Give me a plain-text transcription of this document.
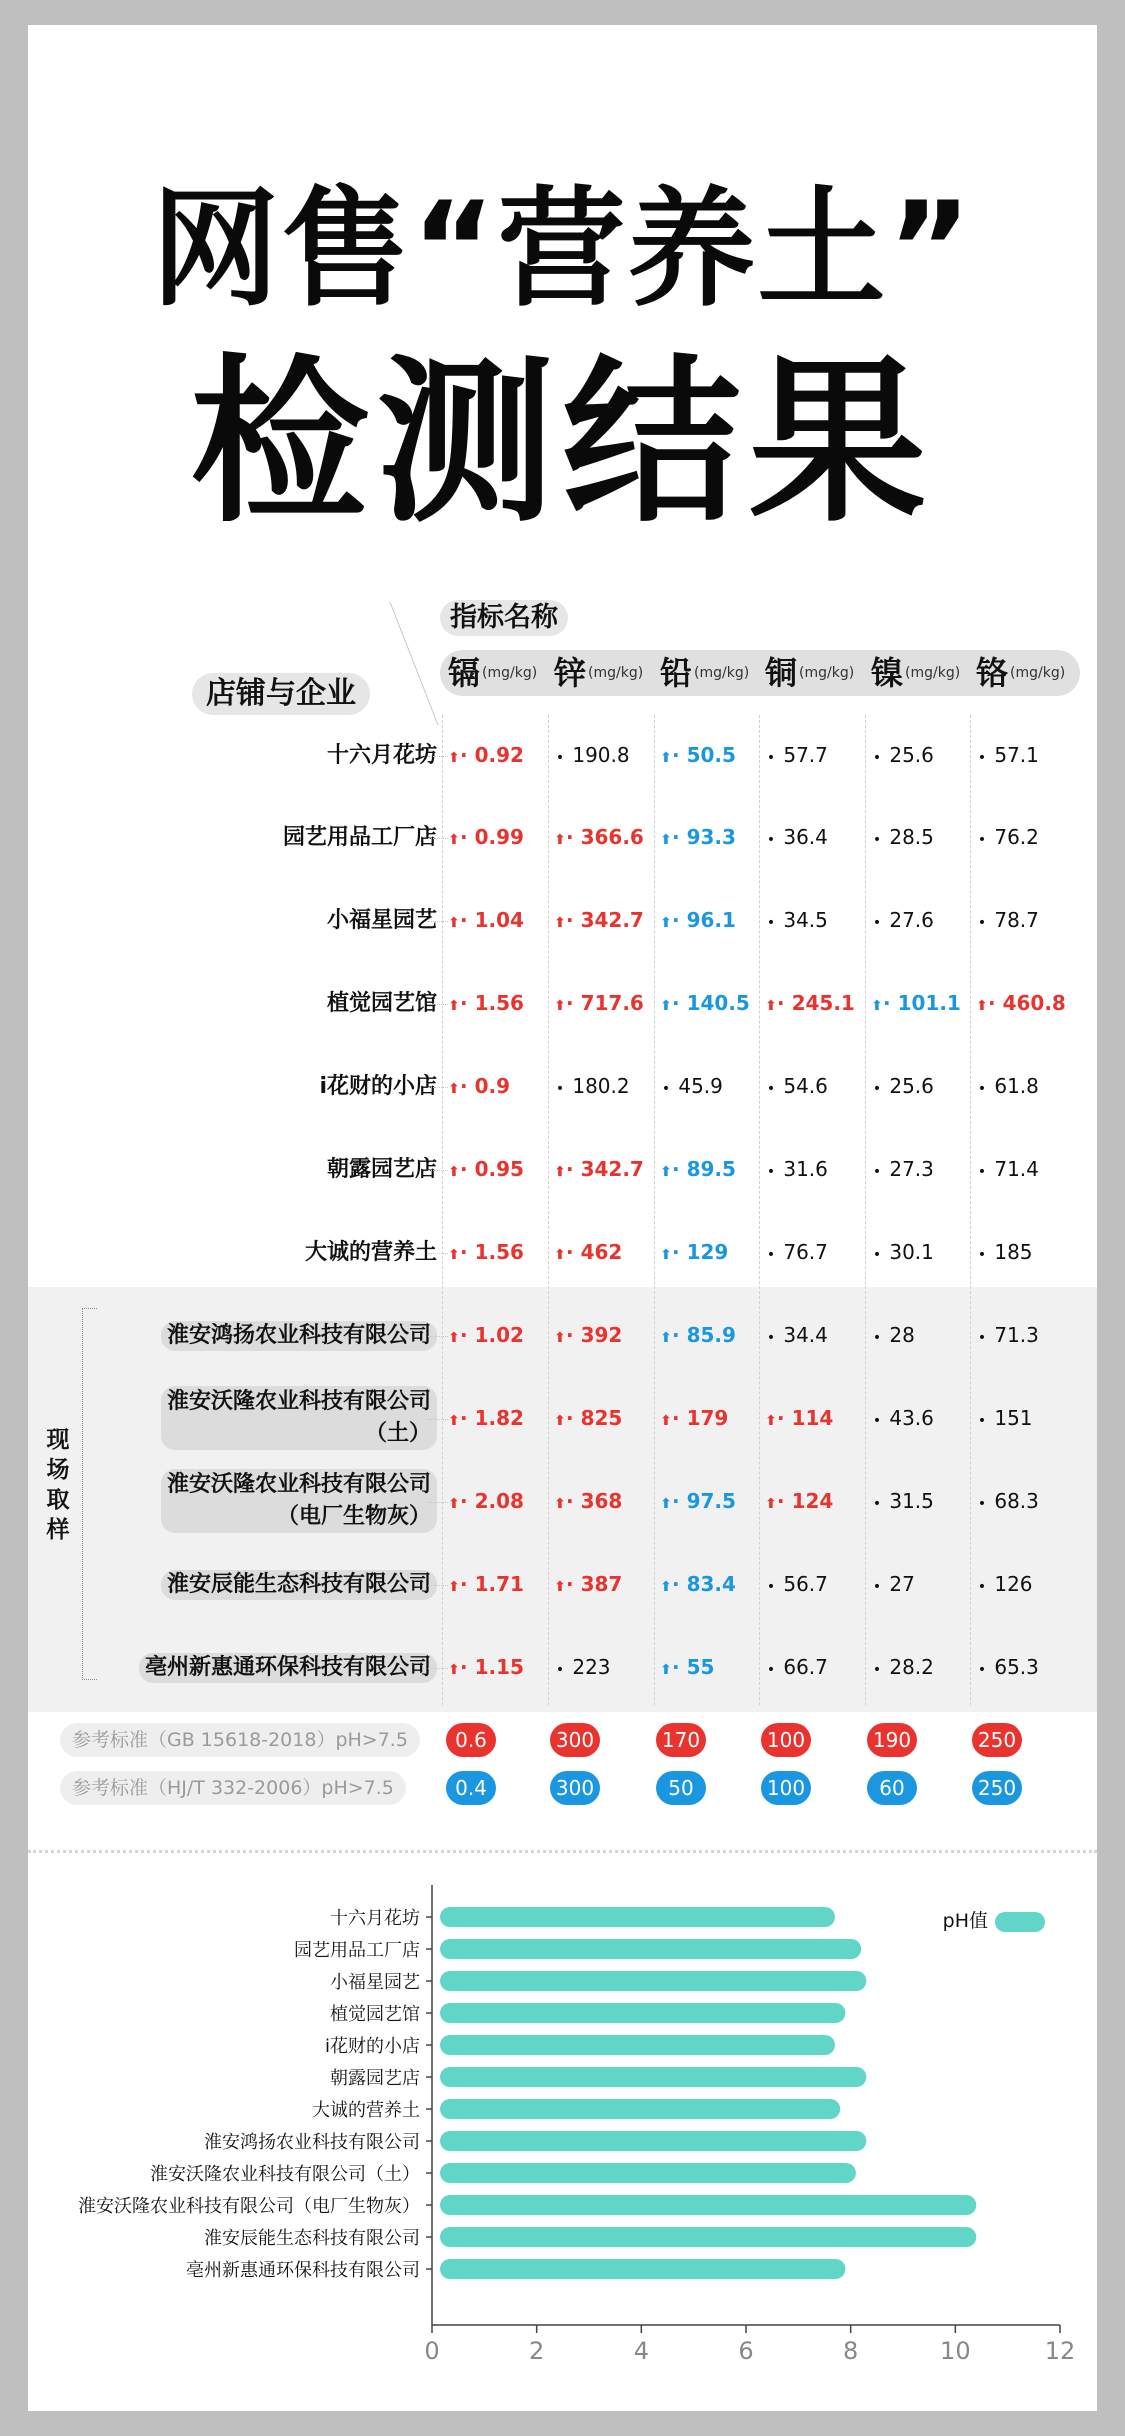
网售“营养土”
检测结果
指标名称
店铺与企业
镉 (mg/kg) 锌 (mg/kg) 铅 (mg/kg) 铜 (mg/kg) 镍 (mg/kg) 铬 (mg/kg)
现场取样
十六月花坊 ⬆· 0.92	• 190.8	⬆· 50.5	• 57.7	• 25.6	• 57.1
园艺用品工厂店 ⬆· 0.99	⬆· 366.6	⬆· 93.3	• 36.4	• 28.5	• 76.2
小福星园艺 ⬆· 1.04	⬆· 342.7	⬆· 96.1	• 34.5	• 27.6	• 78.7
植觉园艺馆 ⬆· 1.56	⬆· 717.6	⬆· 140.5	⬆· 245.1	⬆· 101.1	⬆· 460.8
i花财的小店 ⬆· 0.9	• 180.2	• 45.9	• 54.6	• 25.6	• 61.8
朝露园艺店 ⬆· 0.95	⬆· 342.7	⬆· 89.5	• 31.6	• 27.3	• 71.4
大诚的营养土 ⬆· 1.56	⬆· 462	⬆· 129	• 76.7	• 30.1	• 185
淮安鸿扬农业科技有限公司	⬆· 1.02	⬆· 392	⬆· 85.9	• 34.4	• 28	• 71.3
淮安沃隆农业科技有限公司
（土）	⬆· 1.82	⬆· 825	⬆· 179	⬆· 114	• 43.6	• 151
淮安沃隆农业科技有限公司
（电厂生物灰）	⬆· 2.08	⬆· 368	⬆· 97.5	⬆· 124	• 31.5	• 68.3
淮安辰能生态科技有限公司	⬆· 1.71	⬆· 387	⬆· 83.4	• 56.7	• 27	• 126
亳州新惠通环保科技有限公司	⬆· 1.15	• 223	⬆· 55	• 66.7	• 28.2	• 65.3
参考标准（GB 15618-2018）pH>7.5
参考标准（HJ/T 332-2006）pH>7.5
0.6	300	170	100	190	250
0.4	300	50	100	60	250
0	2	4	6	8	10	12
十六月花坊
园艺用品工厂店
小福星园艺
植觉园艺馆
i花财的小店
朝露园艺店
大诚的营养土
淮安鸿扬农业科技有限公司
淮安沃隆农业科技有限公司（土）
淮安沃隆农业科技有限公司（电厂生物灰）
淮安辰能生态科技有限公司
亳州新惠通环保科技有限公司
pH值
